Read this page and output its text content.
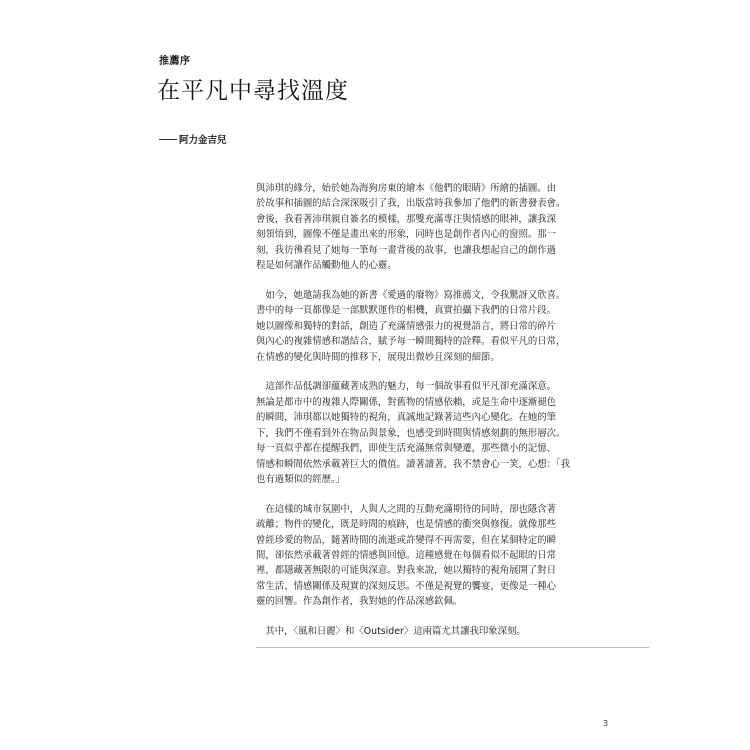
推薦序
在平凡中尋找溫度
阿力金吉兒

與沛琪的緣分，始於她為海狗房東的繪本《他們的眼睛》所繪的插圖。由
於故事和插圖的結合深深吸引了我，出版當時我參加了他們的新書發表會。
會後，我看著沛琪親自簽名的模樣，那雙充滿專注與情感的眼神，讓我深
刻領悟到，圖像不僅是畫出來的形象，同時也是創作者內心的窗照。那一
刻，我彷彿看見了她每一筆每一畫背後的故事，也讓我想起自己的創作過
程是如何讓作品觸動他人的心靈。

　如今，她邀請我為她的新書《愛過的廢物》寫推薦文，令我驚訝又欣喜。
書中的每一頁都像是一部默默運作的相機，真實拍攝下我們的日常片段。
她以圖像和獨特的對話，創造了充滿情感張力的視覺語言，將日常的碎片
與內心的複雜情感和諧結合，賦予每一瞬間獨特的詮釋。看似平凡的日常，
在情感的變化與時間的推移下，展現出微妙且深刻的細節。

　這部作品低調卻蘊藏著成熟的魅力，每一個故事看似平凡卻充滿深意。
無論是都市中的複雜人際關係，對舊物的情感依賴，或是生命中逐漸褪色
的瞬間，沛琪都以她獨特的視角，真誠地記錄著這些內心變化。在她的筆
下，我們不僅看到外在物品與景象，也感受到時間與情感刻劃的無形層次。
每一頁似乎都在提醒我們，即使生活充滿無常與變遷，那些微小的記憶、
情感和瞬間依然承載著巨大的價值。讀著讀著，我不禁會心一笑，心想：「我
也有過類似的經歷。」

　在這樣的城市氛圍中，人與人之間的互動充滿期待的同時，卻也隱含著
疏離；物件的變化，既是時間的痕跡，也是情感的衝突與修復。就像那些
曾經珍愛的物品，隨著時間的流逝或許變得不再需要，但在某個特定的瞬
間，卻依然承載著曾經的情感與回憶。這種感覺在每個看似不起眼的日常
裡，都隱藏著無限的可能與深意。對我來說，她以獨特的視角展開了對日
常生活、情感關係及現實的深刻反思。不僅是視覺的饗宴，更像是一種心
靈的回響。作為創作者，我對她的作品深感欽佩。

　其中，〈風和日麗〉和〈Outsider〉這兩篇尤其讓我印象深刻。

3
